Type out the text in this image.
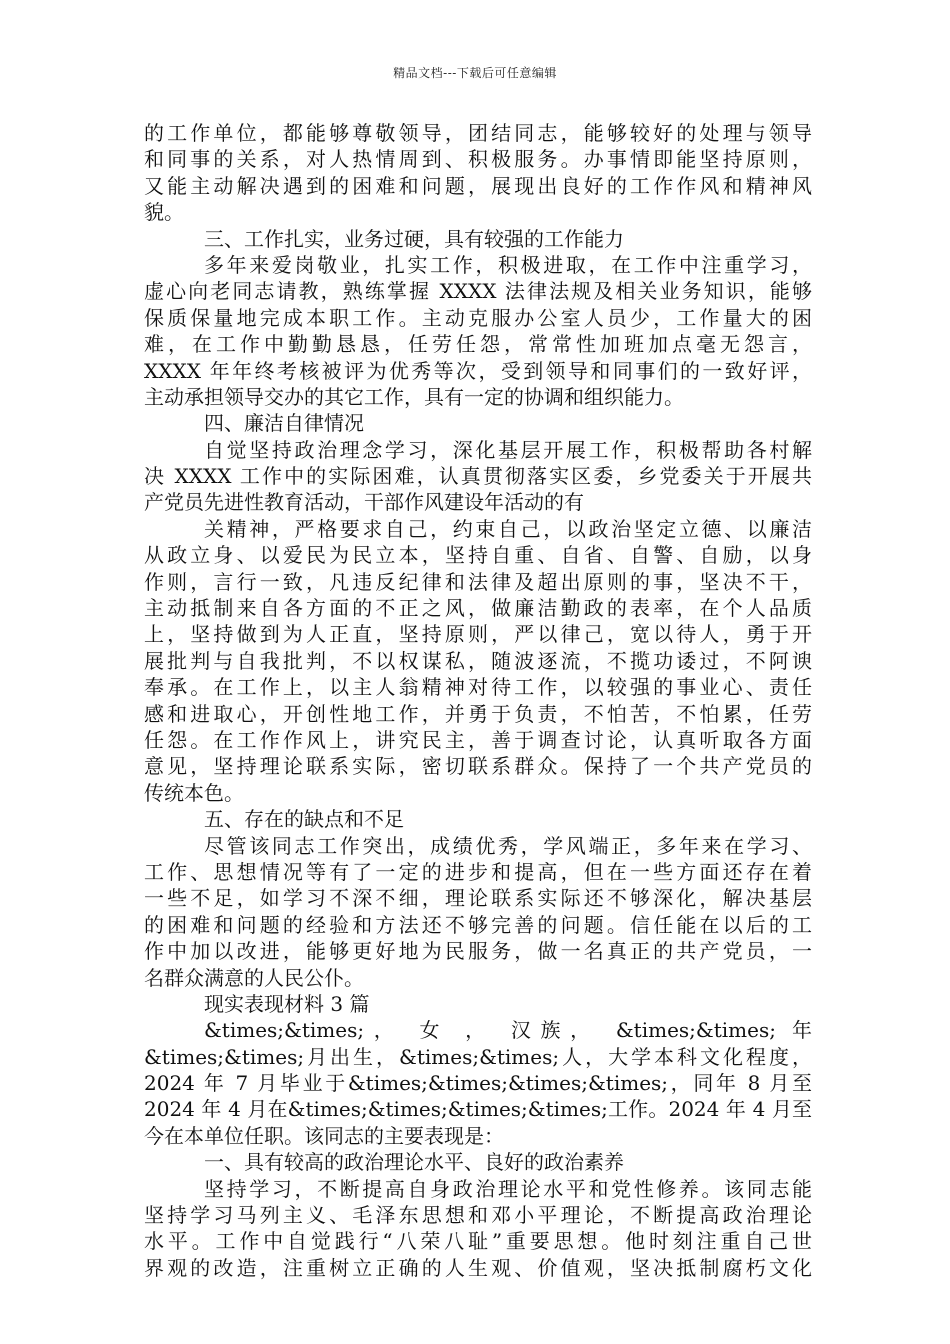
精品文档---下载后可任意编辑
的工作单位，都能够尊敬领导，团结同志，能够较好的处理与领导
和同事的关系，对人热情周到、积极服务。办事情即能坚持原则，
又能主动解决遇到的困难和问题，展现出良好的工作作风和精神风
貌。
三、工作扎实，业务过硬，具有较强的工作能力
多年来爱岗敬业，扎实工作，积极进取，在工作中注重学习，
虚心向老同志请教，熟练掌握 XXXX 法律法规及相关业务知识，能够
保质保量地完成本职工作。主动克服办公室人员少，工作量大的困
难，在工作中勤勤恳恳，任劳任怨，常常性加班加点毫无怨言，
XXXX 年年终考核被评为优秀等次，受到领导和同事们的一致好评，
主动承担领导交办的其它工作，具有一定的协调和组织能力。
四、廉洁自律情况
自觉坚持政治理念学习，深化基层开展工作，积极帮助各村解
决 XXXX 工作中的实际困难，认真贯彻落实区委，乡党委关于开展共
产党员先进性教育活动，干部作风建设年活动的有
关精神，严格要求自己，约束自己，以政治坚定立德、以廉洁
从政立身、以爱民为民立本，坚持自重、自省、自警、自励，以身
作则，言行一致，凡违反纪律和法律及超出原则的事，坚决不干，
主动抵制来自各方面的不正之风，做廉洁勤政的表率，在个人品质
上，坚持做到为人正直，坚持原则，严以律己，宽以待人，勇于开
展批判与自我批判，不以权谋私，随波逐流，不揽功诿过，不阿谀
奉承。在工作上，以主人翁精神对待工作，以较强的事业心、责任
感和进取心，开创性地工作，并勇于负责，不怕苦，不怕累，任劳
任怨。在工作作风上，讲究民主，善于调查讨论，认真听取各方面
意见，坚持理论联系实际，密切联系群众。保持了一个共产党员的
传统本色。
五、存在的缺点和不足
尽管该同志工作突出，成绩优秀，学风端正，多年来在学习、
工作、思想情况等有了一定的进步和提高，但在一些方面还存在着
一些不足，如学习不深不细，理论联系实际还不够深化，解决基层
的困难和问题的经验和方法还不够完善的问题。信任能在以后的工
作中加以改进，能够更好地为民服务，做一名真正的共产党员，一
名群众满意的人民公仆。
现实表现材料 3 篇
&times;&times;， 女 ， 汉族， &times;&times; 年
&times;&times;月出生，&times;&times;人，大学本科文化程度，
2024 年 7 月毕业于&times;&times;&times;&times;，同年 8 月至
2024 年 4 月在&times;&times;&times;&times;工作。2024 年 4 月至
今在本单位任职。该同志的主要表现是：
一、具有较高的政治理论水平、良好的政治素养
坚持学习，不断提高自身政治理论水平和党性修养。该同志能
坚持学习马列主义、毛泽东思想和邓小平理论，不断提高政治理论
水平。工作中自觉践行“八荣八耻”重要思想。他时刻注重自己世
界观的改造，注重树立正确的人生观、价值观，坚决抵制腐朽文化
